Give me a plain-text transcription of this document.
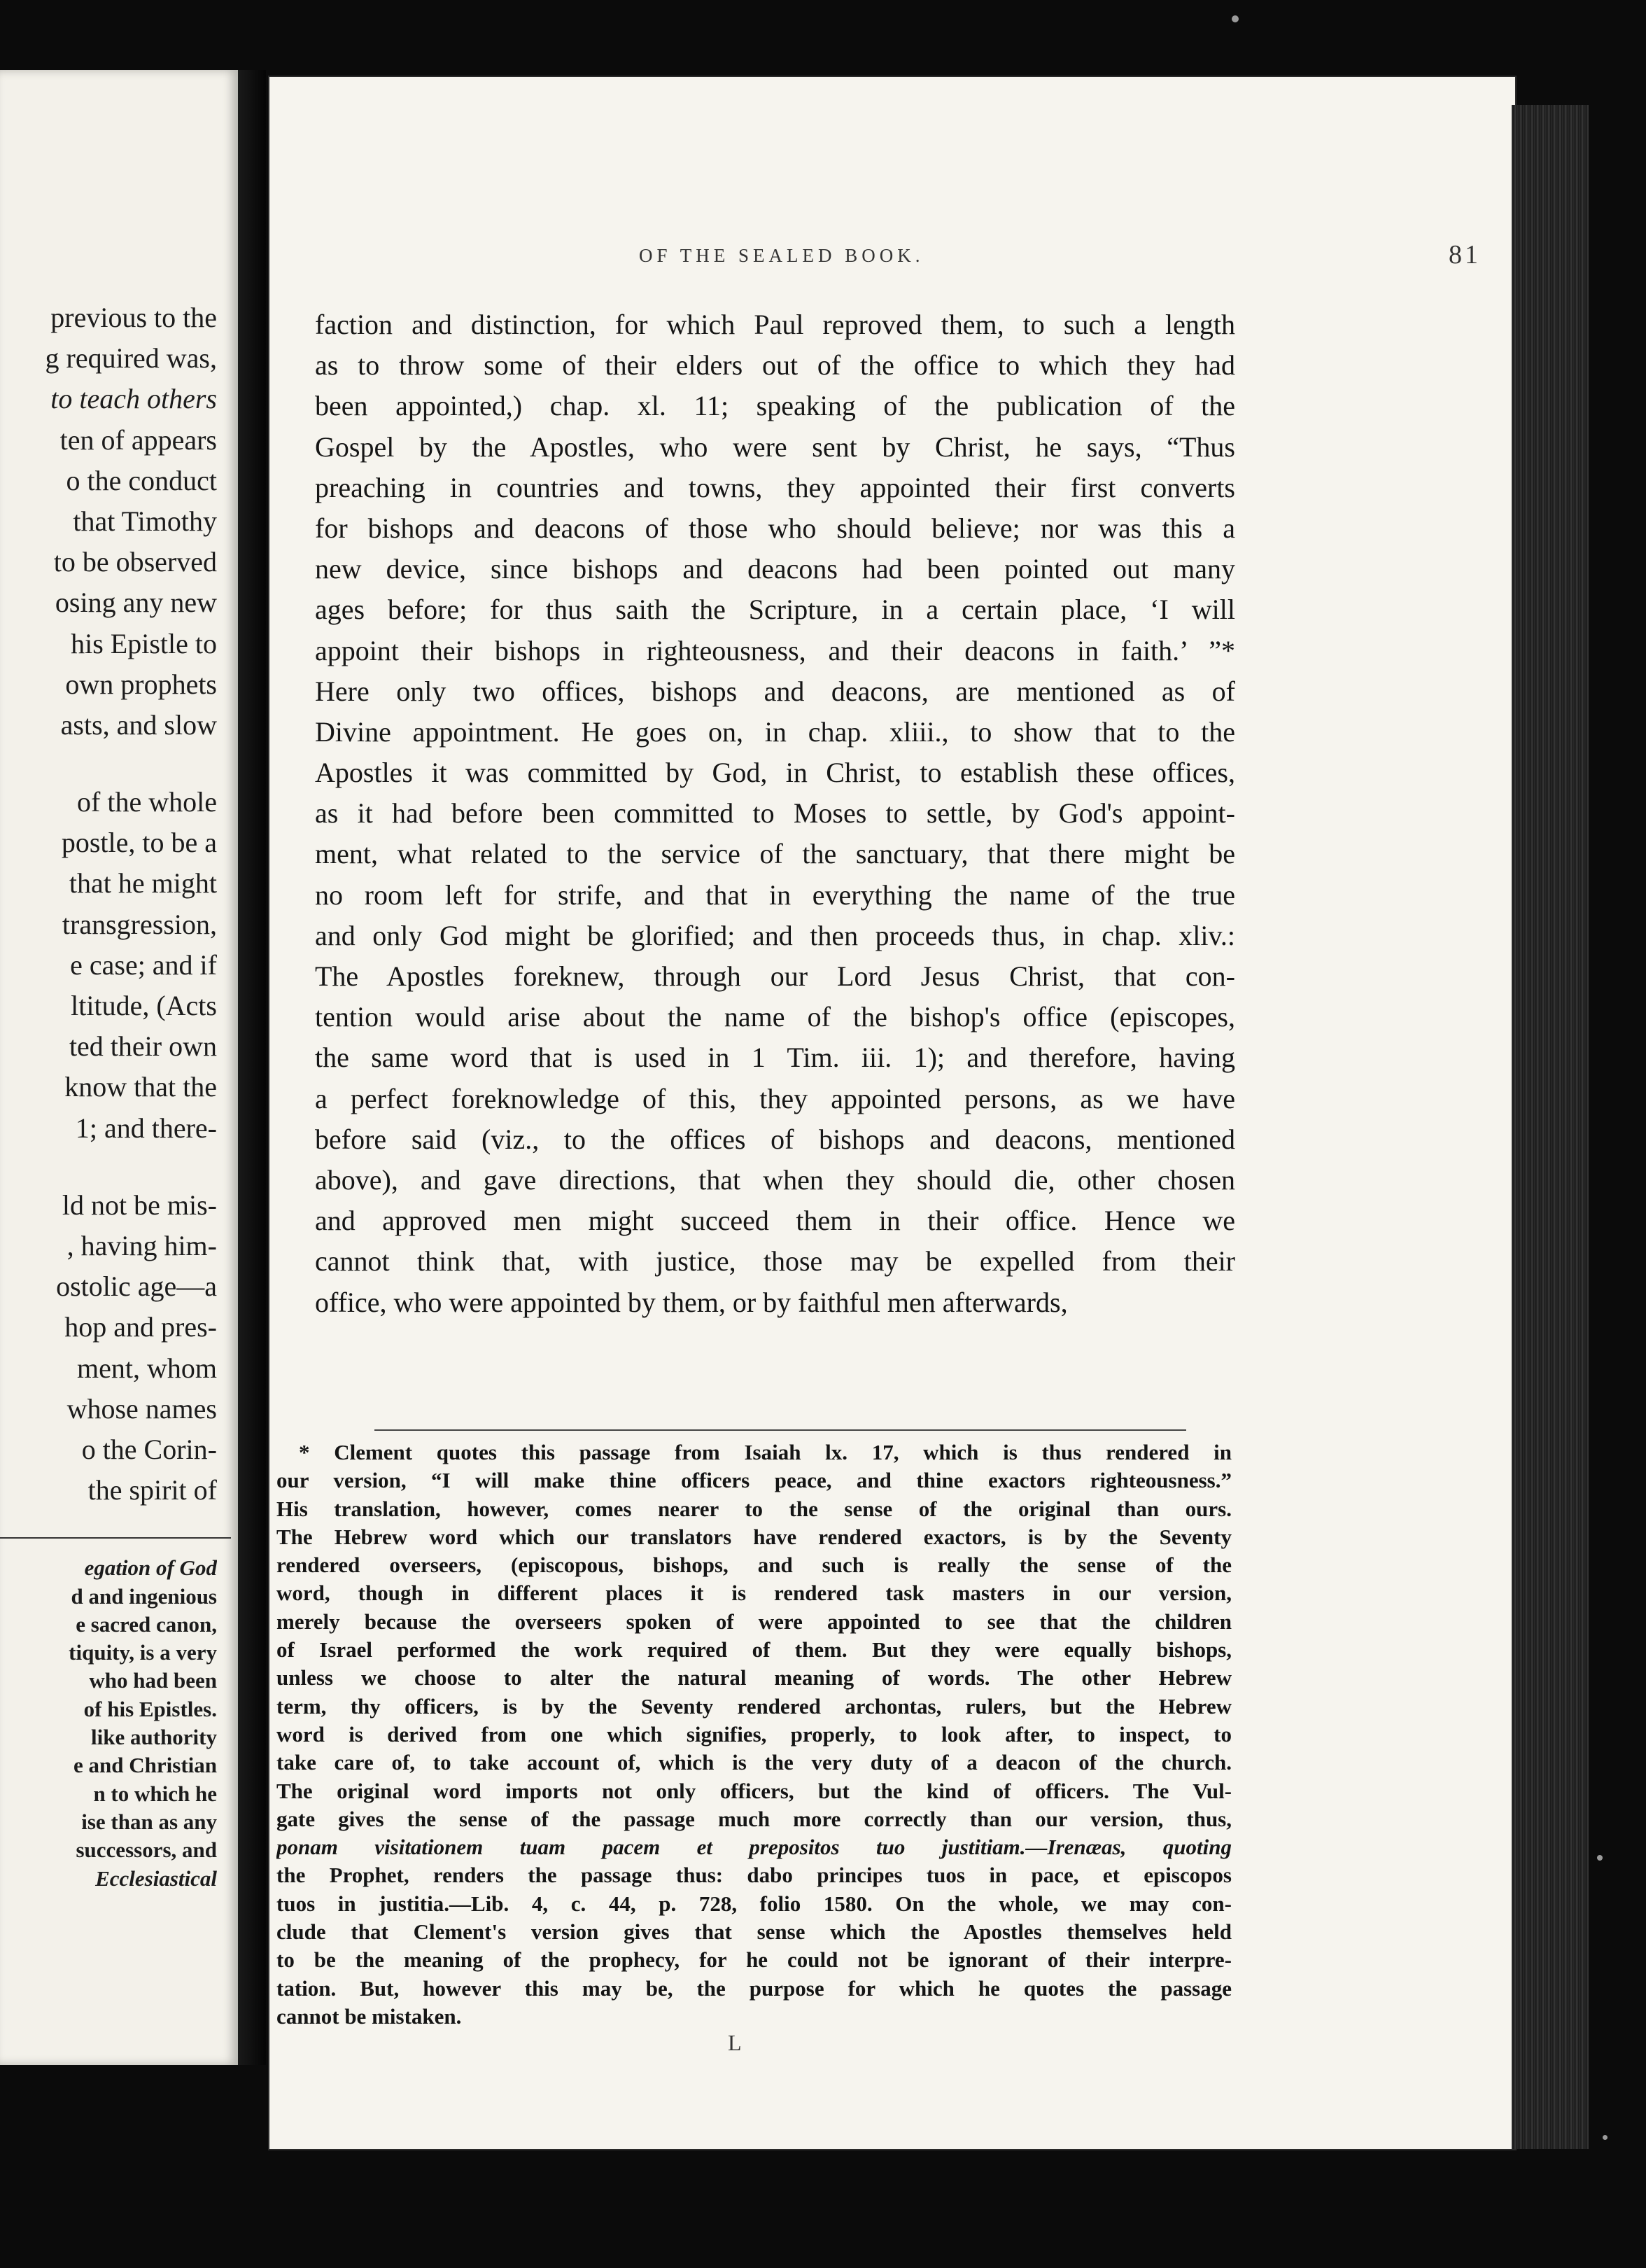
previous to the
g required was,
to teach others
ten of appears
o the conduct
that Timothy
to be observed
osing any new
his Epistle to
own prophets
asts, and slow
of the whole
postle, to be a
that he might
transgression,
e case; and if
ltitude, (Acts
ted their own
know that the
1; and there-
ld not be mis-
, having him-
ostolic age—a
hop and pres-
ment, whom
whose names
o the Corin-
the spirit of
egation of God
d and ingenious
e sacred canon,
tiquity, is a very
who had been
of his Epistles.
like authority
e and Christian
n to which he
ise than as any
successors, and
Ecclesiastical
OF THE SEALED BOOK.	81
faction and distinction, for which Paul reproved them, to such a length
as to throw some of their elders out of the office to which they had
been appointed,) chap. xl. 11; speaking of the publication of the
Gospel by the Apostles, who were sent by Christ, he says, “Thus
preaching in countries and towns, they appointed their first converts
for bishops and deacons of those who should believe; nor was this a
new device, since bishops and deacons had been pointed out many
ages before; for thus saith the Scripture, in a certain place, ‘I will
appoint their bishops in righteousness, and their deacons in faith.’ ”*
Here only two offices, bishops and deacons, are mentioned as of
Divine appointment. He goes on, in chap. xliii., to show that to the
Apostles it was committed by God, in Christ, to establish these offices,
as it had before been committed to Moses to settle, by God's appoint-
ment, what related to the service of the sanctuary, that there might be
no room left for strife, and that in everything the name of the true
and only God might be glorified; and then proceeds thus, in chap. xliv.:
The Apostles foreknew, through our Lord Jesus Christ, that con-
tention would arise about the name of the bishop's office (episcopes,
the same word that is used in 1 Tim. iii. 1); and therefore, having
a perfect foreknowledge of this, they appointed persons, as we have
before said (viz., to the offices of bishops and deacons, mentioned
above), and gave directions, that when they should die, other chosen
and approved men might succeed them in their office. Hence we
cannot think that, with justice, those may be expelled from their
office, who were appointed by them, or by faithful men afterwards,
* Clement quotes this passage from Isaiah lx. 17, which is thus rendered in
our version, “I will make thine officers peace, and thine exactors righteousness.”
His translation, however, comes nearer to the sense of the original than ours.
The Hebrew word which our translators have rendered exactors, is by the Seventy
rendered overseers, (episcopous, bishops, and such is really the sense of the
word, though in different places it is rendered task masters in our version,
merely because the overseers spoken of were appointed to see that the children
of Israel performed the work required of them. But they were equally bishops,
unless we choose to alter the natural meaning of words. The other Hebrew
term, thy officers, is by the Seventy rendered archontas, rulers, but the Hebrew
word is derived from one which signifies, properly, to look after, to inspect, to
take care of, to take account of, which is the very duty of a deacon of the church.
The original word imports not only officers, but the kind of officers. The Vul-
gate gives the sense of the passage much more correctly than our version, thus,
ponam visitationem tuam pacem et prepositos tuo justitiam.—Irenæas, quoting
the Prophet, renders the passage thus: dabo principes tuos in pace, et episcopos
tuos in justitia.—Lib. 4, c. 44, p. 728, folio 1580. On the whole, we may con-
clude that Clement's version gives that sense which the Apostles themselves held
to be the meaning of the prophecy, for he could not be ignorant of their interpre-
tation. But, however this may be, the purpose for which he quotes the passage
cannot be mistaken.
L
